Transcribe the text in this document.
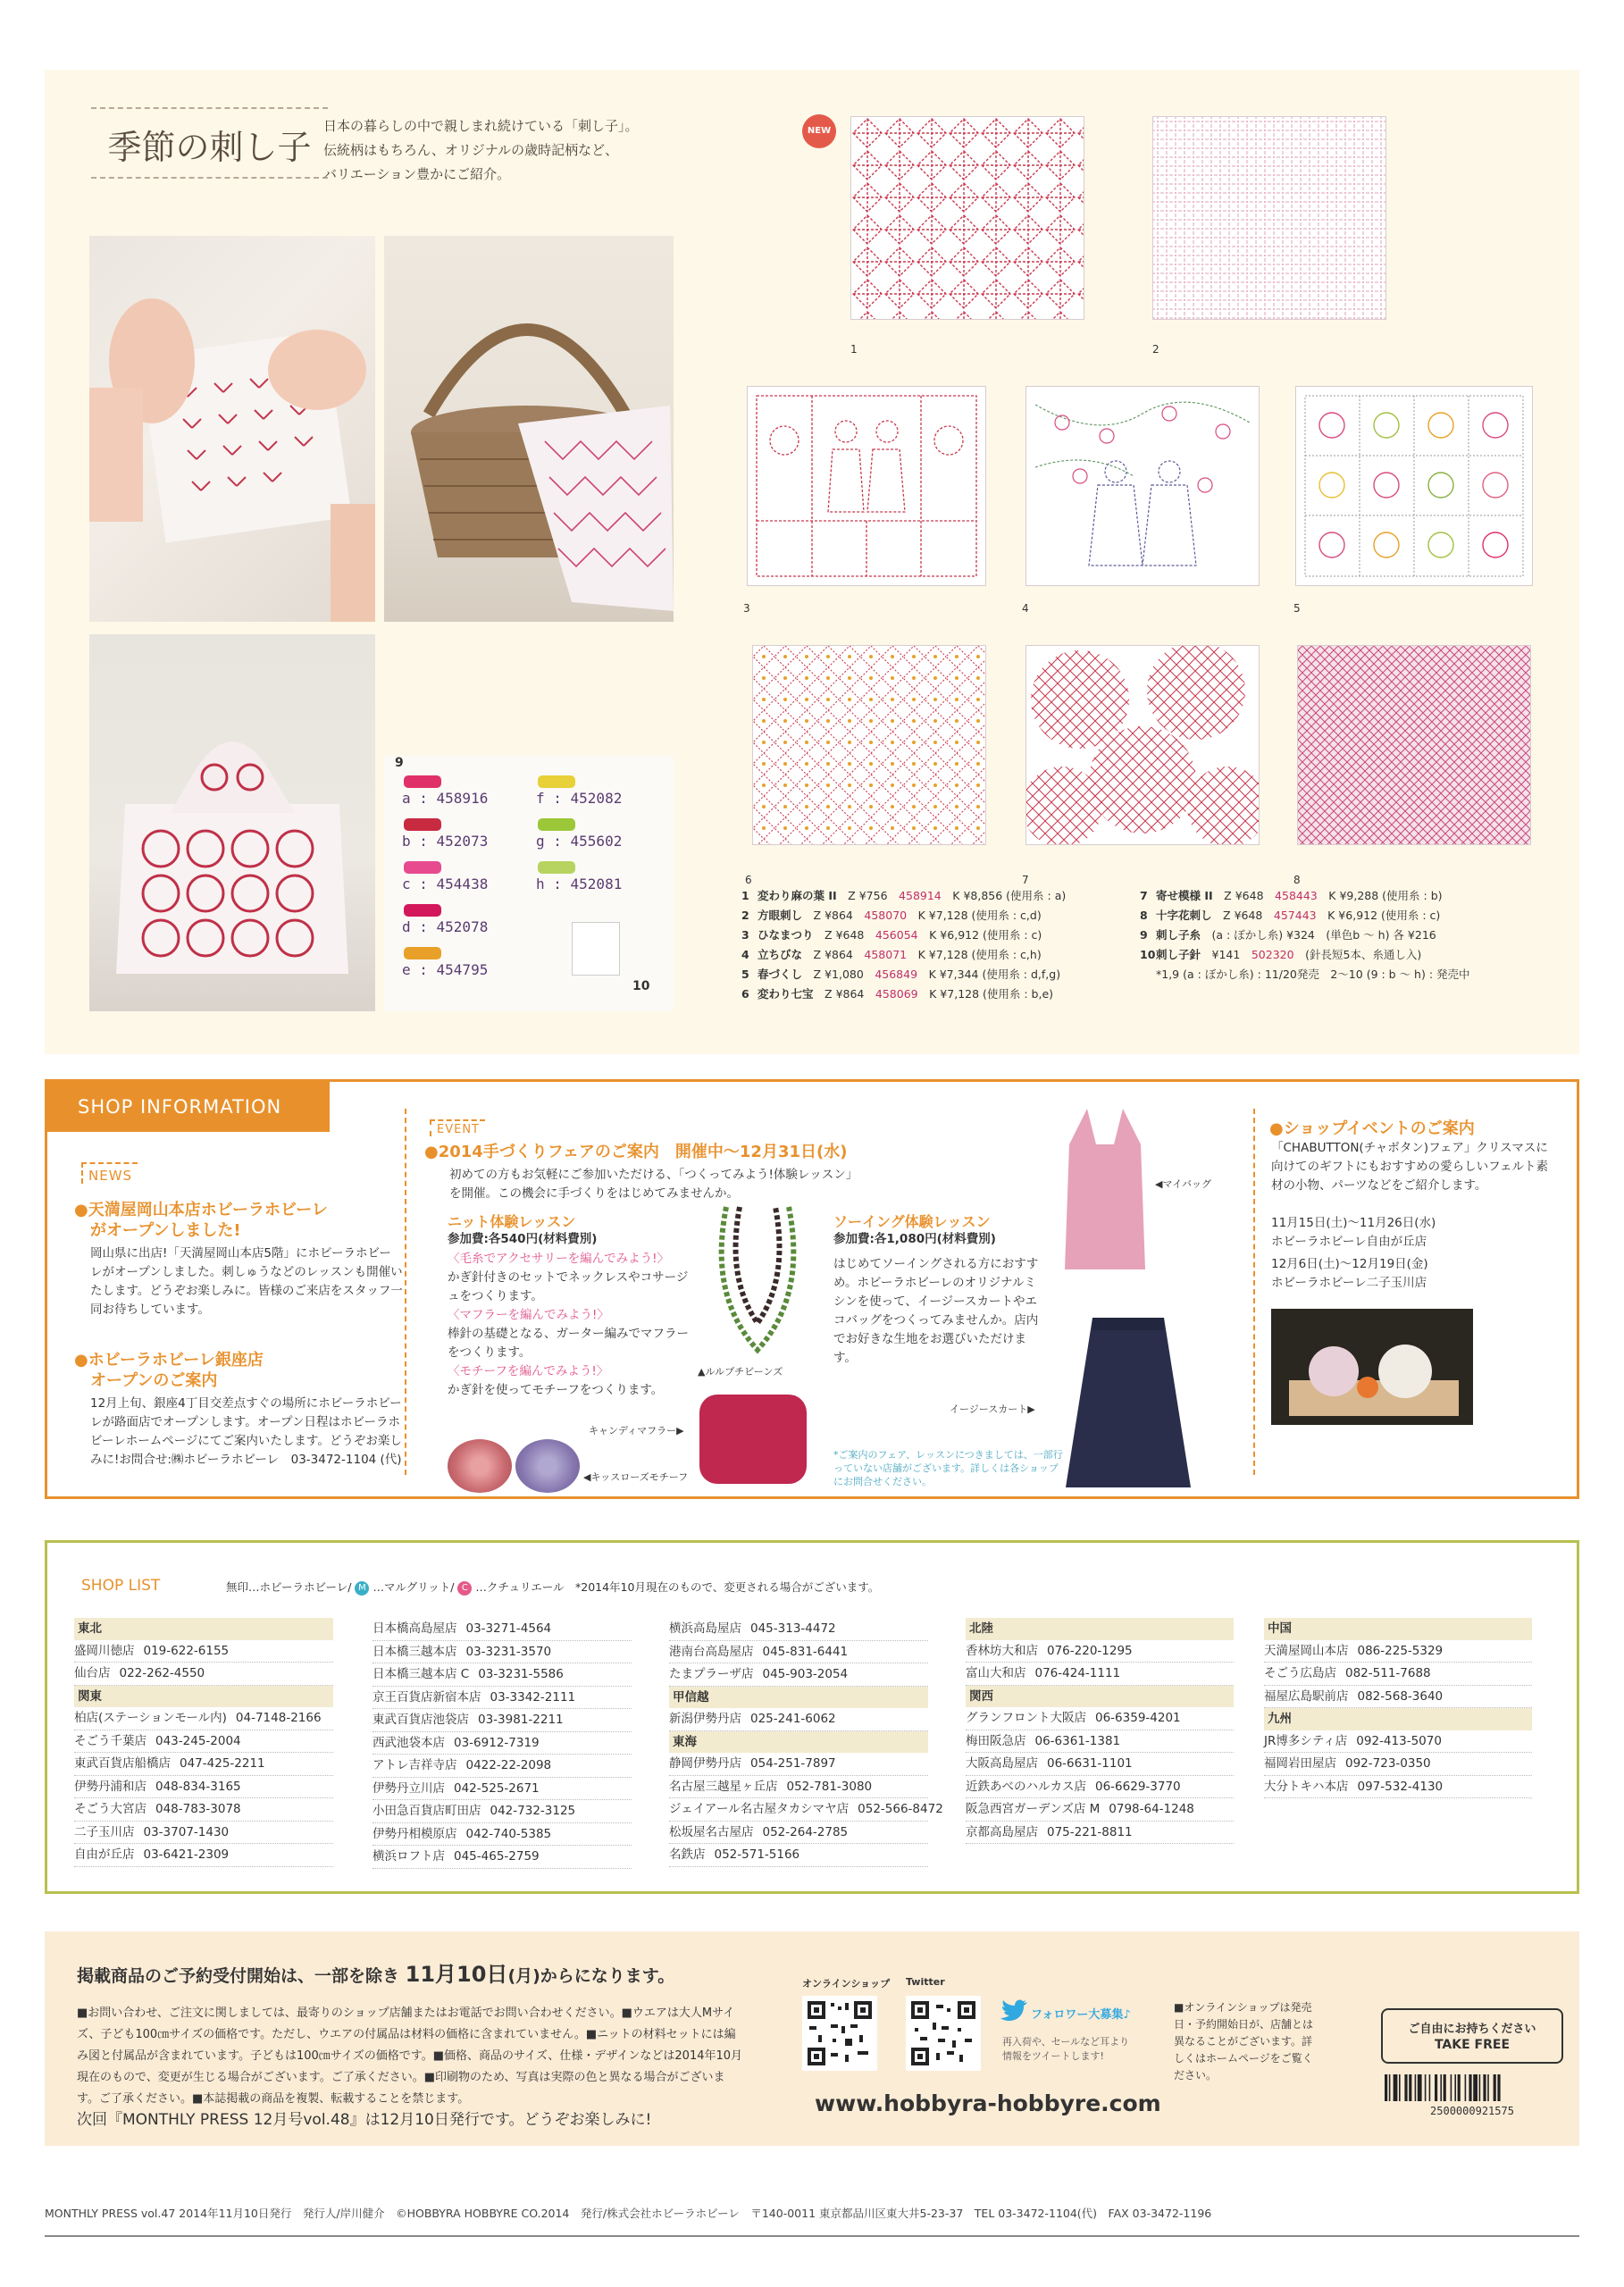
季節の刺し子
日本の暮らしの中で親しまれ続けている「刺し子」。
伝統柄はもちろん、オリジナルの歳時記柄など、
バリエーション豊かにご紹介。
9
a : 458916
b : 452073
c : 454438
d : 452078
e : 454795
f : 452082
g : 455602
h : 452081
10
NEW
1	2
3	4	5
6	7	8
1 変わり麻の葉 II　 Z ¥756　 458914　 K ¥8,856 (使用糸 : a)
2 方眼刺し　 Z ¥864　 458070　 K ¥7,128 (使用糸 : c,d)
3 ひなまつり　 Z ¥648　 456054　 K ¥6,912 (使用糸 : c)
4 立ちびな　 Z ¥864　 458071　 K ¥7,128 (使用糸 : c,h)
5 春づくし　 Z ¥1,080　 456849　 K ¥7,344 (使用糸 : d,f,g)
6 変わり七宝　 Z ¥864　 458069　 K ¥7,128 (使用糸 : b,e)
7 寄せ模様 II　 Z ¥648　 458443　 K ¥9,288 (使用糸 : b)
8 十字花刺し　 Z ¥648　 457443　 K ¥6,912 (使用糸 : c)
9 刺し子糸　 (a : ぼかし糸) ¥324　 (単色b 〜 h) 各 ¥216
10刺し子針　 ¥141　 502320　 (針長短5本、糸通し入)
*1,9 (a : ぼかし糸) : 11/20発売　2〜10 (9 : b 〜 h) : 発売中
SHOP INFORMATION
NEWS
●天満屋岡山本店ホビーラホビーレ
がオープンしました!
岡山県に出店!「天満屋岡山本店5階」にホビーラホビーレがオープンしました。刺しゅうなどのレッスンも開催いたします。どうぞお楽しみに。皆様のご来店をスタッフ一同お待ちしています。
●ホビーラホビーレ銀座店
オープンのご案内
12月上旬、銀座4丁目交差点すぐの場所にホビーラホビーレが路面店でオープンします。オープン日程はホビーラホビーレホームページにてご案内いたします。どうぞお楽しみに!お問合せ:㈱ホビーラホビーレ　03-3472-1104 (代)
EVENT
●2014手づくりフェアのご案内　開催中〜12月31日(水)
初めての方もお気軽にご参加いただける、「つくってみよう!体験レッスン」を開催。この機会に手づくりをはじめてみませんか。
ニット体験レッスン
参加費:各540円(材料費別)
〈毛糸でアクセサリーを編んでみよう!〉
かぎ針付きのセットでネックレスやコサージュをつくります。
〈マフラーを編んでみよう!〉
棒針の基礎となる、ガーター編みでマフラーをつくります。
〈モチーフを編んでみよう!〉
かぎ針を使ってモチーフをつくります。
▲ルルプチビーンズ
◀キッスローズモチーフ
キャンディマフラー▶
ソーイング体験レッスン
参加費:各1,080円(材料費別)
はじめてソーイングされる方におすすめ。ホビーラホビーレのオリジナルミシンを使って、イージースカートやエコバッグをつくってみませんか。店内でお好きな生地をお選びいただけます。
◀マイバッグ
イージースカート▶
*ご案内のフェア、レッスンにつきましては、一部行っていない店舗がございます。詳しくは各ショップにお問合せください。
●ショップイベントのご案内
「CHABUTTON(チャボタン)フェア」クリスマスに向けてのギフトにもおすすめの愛らしいフェルト素材の小物、パーツなどをご紹介します。
11月15日(土)〜11月26日(水)
ホビーラホビーレ自由が丘店
12月6日(土)〜12月19日(金)
ホビーラホビーレ二子玉川店
SHOP LIST	無印…ホビーラホビーレ/ M …マルグリット/ C …クチュリエール　*2014年10月現在のもので、変更される場合がございます。
東北
盛岡川徳店 019-622-6155
仙台店 022-262-4550
関東
柏店(ステーションモール内) 04-7148-2166
そごう千葉店 043-245-2004
東武百貨店船橋店 047-425-2211
伊勢丹浦和店 048-834-3165
そごう大宮店 048-783-3078
二子玉川店 03-3707-1430
自由が丘店 03-6421-2309
日本橋高島屋店 03-3271-4564
日本橋三越本店 03-3231-3570
日本橋三越本店 C 03-3231-5586
京王百貨店新宿本店 03-3342-2111
東武百貨店池袋店 03-3981-2211
西武池袋本店 03-6912-7319
アトレ吉祥寺店 0422-22-2098
伊勢丹立川店 042-525-2671
小田急百貨店町田店 042-732-3125
伊勢丹相模原店 042-740-5385
横浜ロフト店 045-465-2759
横浜高島屋店 045-313-4472
港南台高島屋店 045-831-6441
たまプラーザ店 045-903-2054
甲信越
新潟伊勢丹店 025-241-6062
東海
静岡伊勢丹店 054-251-7897
名古屋三越星ヶ丘店 052-781-3080
ジェイアール名古屋タカシマヤ店 052-566-8472
松坂屋名古屋店 052-264-2785
名鉄店 052-571-5166
北陸
香林坊大和店 076-220-1295
富山大和店 076-424-1111
関西
グランフロント大阪店 06-6359-4201
梅田阪急店 06-6361-1381
大阪高島屋店 06-6631-1101
近鉄あべのハルカス店 06-6629-3770
阪急西宮ガーデンズ店 M 0798-64-1248
京都高島屋店 075-221-8811
中国
天満屋岡山本店 086-225-5329
そごう広島店 082-511-7688
福屋広島駅前店 082-568-3640
九州
JR博多シティ店 092-413-5070
福岡岩田屋店 092-723-0350
大分トキハ本店 097-532-4130
掲載商品のご予約受付開始は、一部を除き 11月10日(月)からになります。
■お問い合わせ、ご注文に関しましては、最寄りのショップ店舗またはお電話でお問い合わせください。■ウエアは大人Mサイズ、子ども100㎝サイズの価格です。ただし、ウエアの付属品は材料の価格に含まれていません。■ニットの材料セットには編み図と付属品が含まれています。子どもは100㎝サイズの価格です。■価格、商品のサイズ、仕様・デザインなどは2014年10月現在のもので、変更が生じる場合がございます。ご了承ください。■印刷物のため、写真は実際の色と異なる場合がございます。ご了承ください。■本誌掲載の商品を複製、転載することを禁じます。
次回『MONTHLY PRESS 12月号vol.48』は12月10日発行です。どうぞお楽しみに!
オンラインショップ Twitter
フォロワー大募集♪
再入荷や、セールなど耳より情報をツイートします!
www.hobbyra-hobbyre.com
■オンラインショップは発売日・予約開始日が、店舗とは異なることがございます。詳しくはホームページをご覧ください。
ご自由にお持ちください
TAKE FREE
2500000921575
MONTHLY PRESS vol.47 2014年11月10日発行　発行人/岸川健介　©HOBBYRA HOBBYRE CO.2014　発行/株式会社ホビーラホビーレ　〒140-0011 東京都品川区東大井5-23-37　TEL 03-3472-1104(代)　FAX 03-3472-1196
